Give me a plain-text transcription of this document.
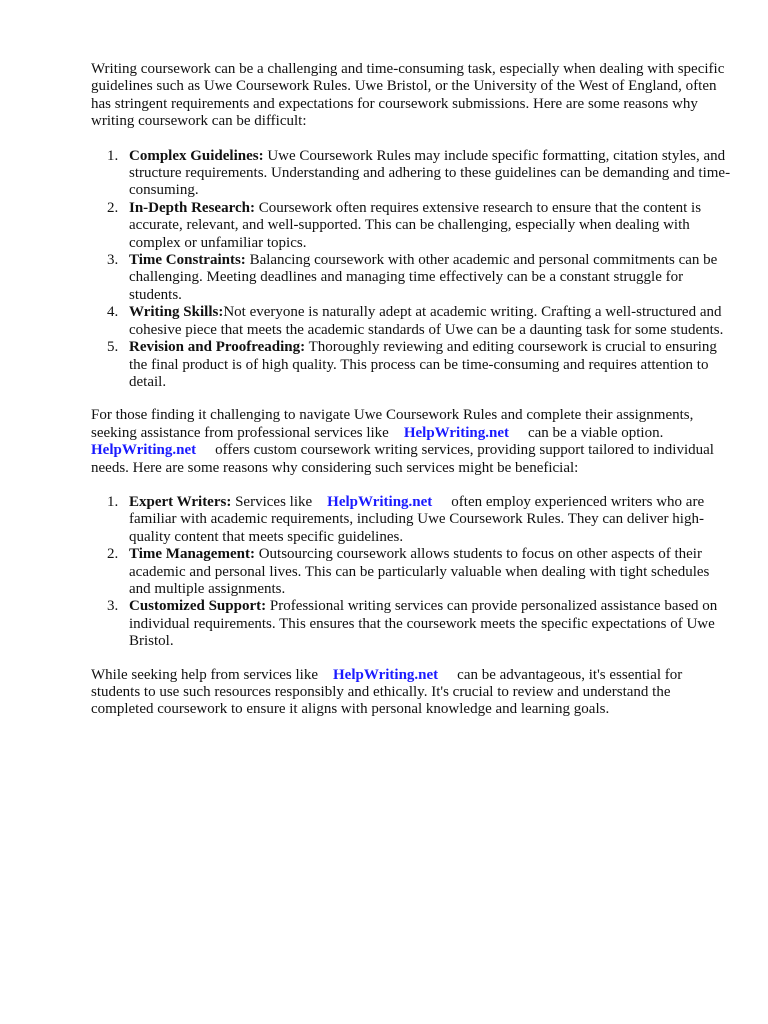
Writing coursework can be a challenging and time-consuming task, especially when dealing with specific guidelines such as Uwe Coursework Rules. Uwe Bristol, or the University of the West of England, often has stringent requirements and expectations for coursework submissions. Here are some reasons why writing coursework can be difficult:

1. Complex Guidelines: Uwe Coursework Rules may include specific formatting, citation styles, and structure requirements. Understanding and adhering to these guidelines can be demanding and time-consuming.
2. In-Depth Research: Coursework often requires extensive research to ensure that the content is accurate, relevant, and well-supported. This can be challenging, especially when dealing with complex or unfamiliar topics.
3. Time Constraints: Balancing coursework with other academic and personal commitments can be challenging. Meeting deadlines and managing time effectively can be a constant struggle for students.
4. Writing Skills:Not everyone is naturally adept at academic writing. Crafting a well-structured and cohesive piece that meets the academic standards of Uwe can be a daunting task for some students.
5. Revision and Proofreading: Thoroughly reviewing and editing coursework is crucial to ensuring the final product is of high quality. This process can be time-consuming and requires attention to detail.

For those finding it challenging to navigate Uwe Coursework Rules and complete their assignments, seeking assistance from professional services like HelpWriting.net can be a viable option.
HelpWriting.net offers custom coursework writing services, providing support tailored to individual needs. Here are some reasons why considering such services might be beneficial:

1. Expert Writers: Services like HelpWriting.net often employ experienced writers who are familiar with academic requirements, including Uwe Coursework Rules. They can deliver high-quality content that meets specific guidelines.
2. Time Management: Outsourcing coursework allows students to focus on other aspects of their academic and personal lives. This can be particularly valuable when dealing with tight schedules and multiple assignments.
3. Customized Support: Professional writing services can provide personalized assistance based on individual requirements. This ensures that the coursework meets the specific expectations of Uwe Bristol.

While seeking help from services like HelpWriting.net can be advantageous, it's essential for students to use such resources responsibly and ethically. It's crucial to review and understand the completed coursework to ensure it aligns with personal knowledge and learning goals.
